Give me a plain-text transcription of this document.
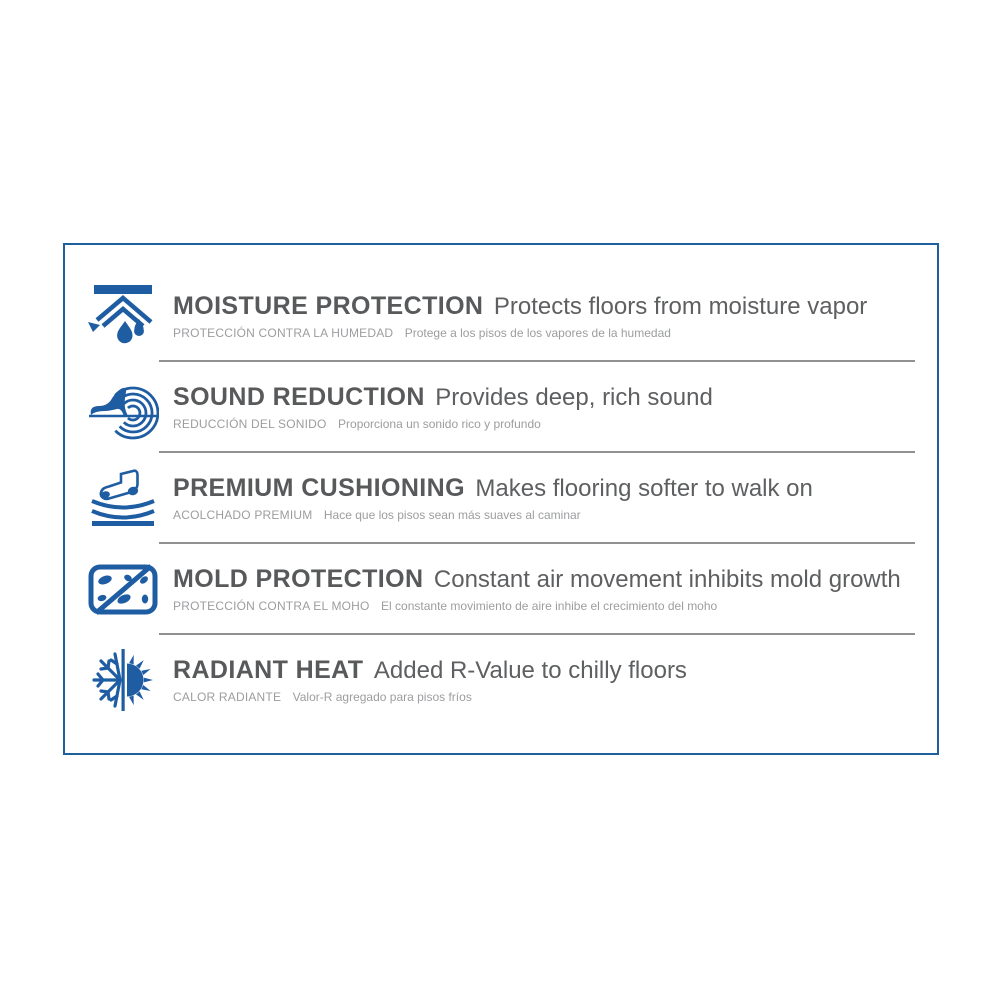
MOISTURE PROTECTION Protects floors from moisture vapor
PROTECCIÓN CONTRA LA HUMEDAD Protege a los pisos de los vapores de la humedad
SOUND REDUCTION Provides deep, rich sound
REDUCCIÓN DEL SONIDO Proporciona un sonido rico y profundo
PREMIUM CUSHIONING Makes flooring softer to walk on
ACOLCHADO PREMIUM Hace que los pisos sean más suaves al caminar
MOLD PROTECTION Constant air movement inhibits mold growth
PROTECCIÓN CONTRA EL MOHO El constante movimiento de aire inhibe el crecimiento del moho
RADIANT HEAT Added R-Value to chilly floors
CALOR RADIANTE Valor-R agregado para pisos fríos
